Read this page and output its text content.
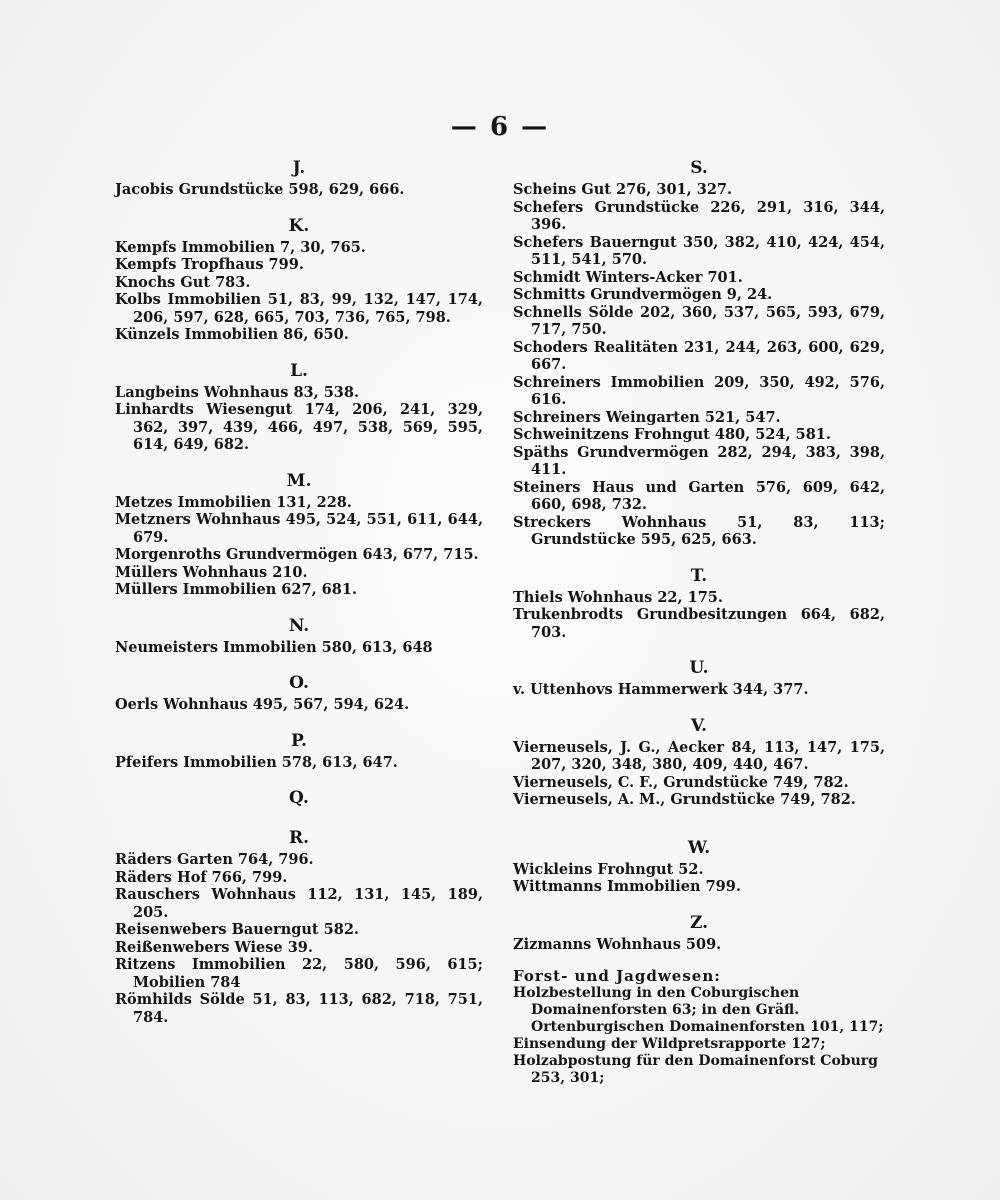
— 6 —
J.
Jacobis Grundstücke 598, 629, 666.
K.
Kempfs Immobilien 7, 30, 765.
Kempfs Tropfhaus 799.
Knochs Gut 783.
Kolbs Immobilien 51, 83, 99, 132, 147, 174, 206, 597, 628, 665, 703, 736, 765, 798.
Künzels Immobilien 86, 650.
L.
Langbeins Wohnhaus 83, 538.
Linhardts Wiesengut 174, 206, 241, 329, 362, 397, 439, 466, 497, 538, 569, 595, 614, 649, 682.
M.
Metzes Immobilien 131, 228.
Metzners Wohnhaus 495, 524, 551, 611, 644, 679.
Morgenroths Grundvermögen 643, 677, 715.
Müllers Wohnhaus 210.
Müllers Immobilien 627, 681.
N.
Neumeisters Immobilien 580, 613, 648
O.
Oerls Wohnhaus 495, 567, 594, 624.
P.
Pfeifers Immobilien 578, 613, 647.
Q.
R.
Räders Garten 764, 796.
Räders Hof 766, 799.
Rauschers Wohnhaus 112, 131, 145, 189, 205.
Reisenwebers Bauerngut 582.
Reißenwebers Wiese 39.
Ritzens Immobilien 22, 580, 596, 615; Mobilien 784
Römhilds Sölde 51, 83, 113, 682, 718, 751, 784.
S.
Scheins Gut 276, 301, 327.
Schefers Grundstücke 226, 291, 316, 344, 396.
Schefers Bauerngut 350, 382, 410, 424, 454, 511, 541, 570.
Schmidt Winters-Acker 701.
Schmitts Grundvermögen 9, 24.
Schnells Sölde 202, 360, 537, 565, 593, 679, 717, 750.
Schoders Realitäten 231, 244, 263, 600, 629, 667.
Schreiners Immobilien 209, 350, 492, 576, 616.
Schreiners Weingarten 521, 547.
Schweinitzens Frohngut 480, 524, 581.
Späths Grundvermögen 282, 294, 383, 398, 411.
Steiners Haus und Garten 576, 609, 642, 660, 698, 732.
Streckers Wohnhaus 51, 83, 113; Grundstücke 595, 625, 663.
T.
Thiels Wohnhaus 22, 175.
Trukenbrodts Grundbesitzungen 664, 682, 703.
U.
v. Uttenhovs Hammerwerk 344, 377.
V.
Vierneusels, J. G., Aecker 84, 113, 147, 175, 207, 320, 348, 380, 409, 440, 467.
Vierneusels, C. F., Grundstücke 749, 782.
Vierneusels, A. M., Grundstücke 749, 782.
W.
Wickleins Frohngut 52.
Wittmanns Immobilien 799.
Z.
Zizmanns Wohnhaus 509.
Forst- und Jagdwesen:
Holzbestellung in den Coburgischen Domainenforsten 63; in den Gräfl. Ortenburgischen Domainenforsten 101, 117;
Einsendung der Wildpretsrapporte 127;
Holzabpostung für den Domainenforst Coburg 253, 301;
